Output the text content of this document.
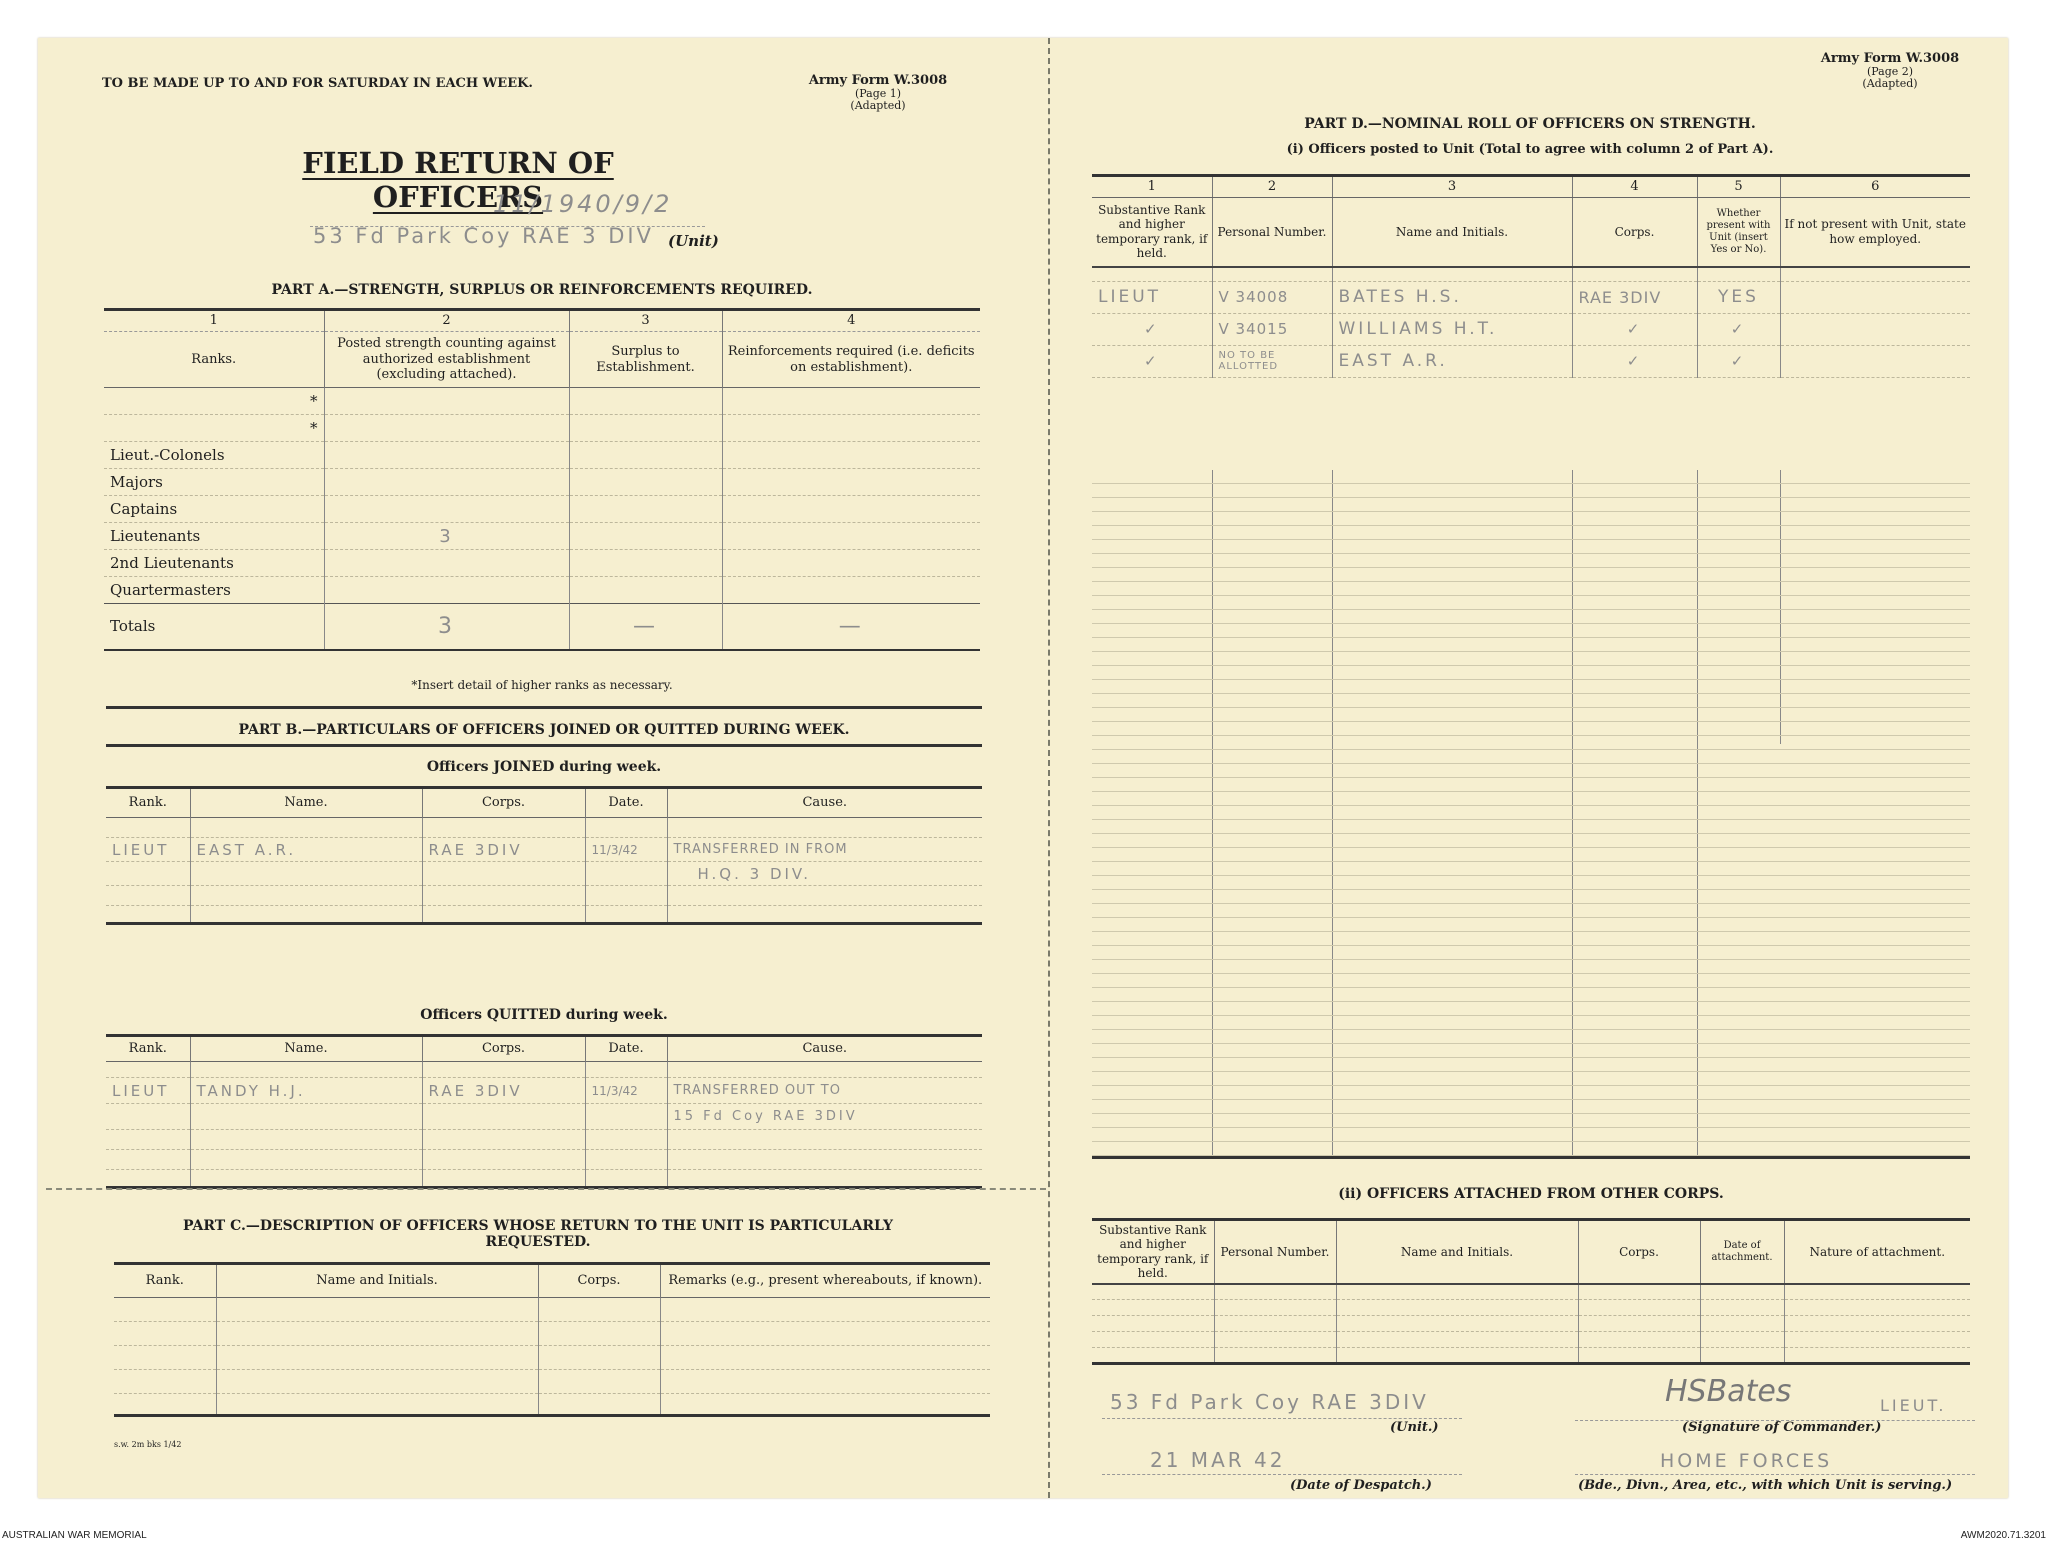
TO BE MADE UP TO AND FOR SATURDAY IN EACH WEEK.	Army Form W.3008
(Page 1)
(Adapted)
FIELD RETURN OF OFFICERS
11/1940/9/2
53 Fd Park Coy RAE 3 DIV (Unit)
PART A.—STRENGTH, SURPLUS OR REINFORCEMENTS REQUIRED.
1	2	3	4
Ranks.	Posted strength counting against authorized establishment (excluding attached).	Surplus to Establishment.	Reinforcements required (i.e. deficits on establishment).
*			
*			
Lieut.-Colonels			
Majors			
Captains			
Lieutenants	3		
2nd Lieutenants			
Quartermasters			
Totals	3	—	—
*Insert detail of higher ranks as necessary.
PART B.—PARTICULARS OF OFFICERS JOINED OR QUITTED DURING WEEK.
Officers JOINED during week.
Rank.	Name.	Corps.	Date.	Cause.

LIEUT	EAST A.R.	RAE 3DIV	11/3/42	TRANSFERRED IN FROM
				H.Q. 3 DIV.

Officers QUITTED during week.
Rank.	Name.	Corps.	Date.	Cause.

LIEUT	TANDY H.J.	RAE 3DIV	11/3/42	TRANSFERRED OUT TO
				15 Fd Coy RAE 3DIV

PART C.—DESCRIPTION OF OFFICERS WHOSE RETURN TO THE UNIT IS PARTICULARLY REQUESTED.
Rank.	Name and Initials.	Corps.	Remarks (e.g., present whereabouts, if known).

s.w. 2m bks 1/42
Army Form W.3008
(Page 2)
(Adapted)
PART D.—NOMINAL ROLL OF OFFICERS ON STRENGTH.
(i) Officers posted to Unit (Total to agree with column 2 of Part A).
1	2	3	4	5	6
Substantive Rank and higher temporary rank, if held.	Personal Number.	Name and Initials.	Corps.	Whether present with Unit (insert Yes or No).	If not present with Unit, state how employed.

LIEUT	V 34008	BATES H.S.	RAE 3DIV	YES	
✓	V 34015	WILLIAMS H.T.	✓	✓	
✓	NO TO BE ALLOTTED	EAST A.R.	✓	✓	
(ii) OFFICERS ATTACHED FROM OTHER CORPS.
Substantive Rank and higher temporary rank, if held.	Personal Number.	Name and Initials.	Corps.	Date of attachment.	Nature of attachment.

53 Fd Park Coy RAE 3DIV
(Unit.)
HSBates	LIEUT.
(Signature of Commander.)
21 MAR 42
(Date of Despatch.)
HOME FORCES
(Bde., Divn., Area, etc., with which Unit is serving.)
AUSTRALIAN WAR MEMORIAL	AWM2020.71.3201
